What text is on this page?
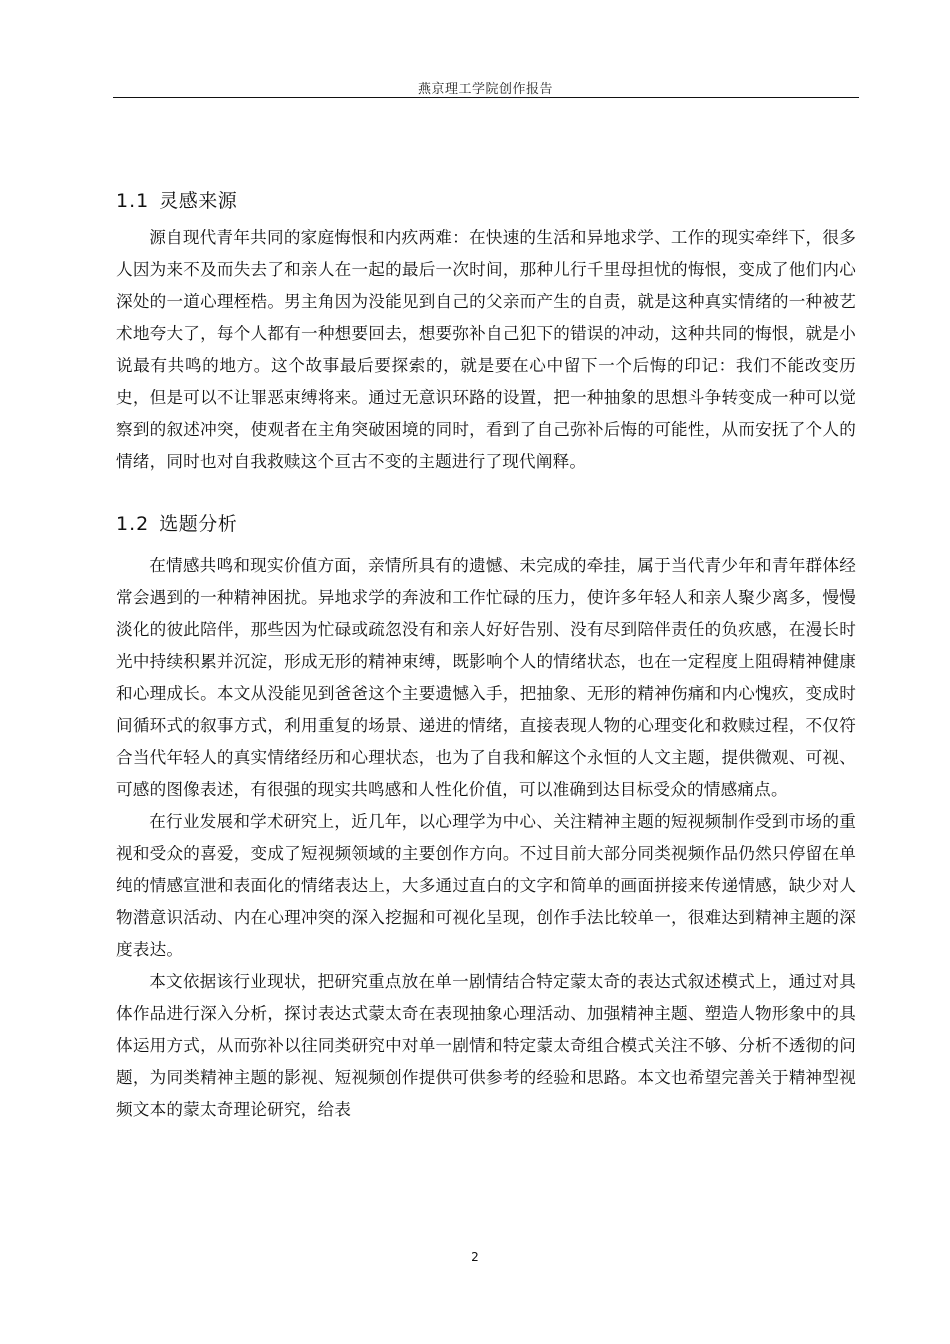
燕京理工学院创作报告
1.1 灵感来源

源自现代青年共同的家庭悔恨和内疚两难：在快速的生活和异地求学、工作的现实牵绊下，很多人因为来不及而失去了和亲人在一起的最后一次时间，那种儿行千里母担忧的悔恨，变成了他们内心深处的一道心理桎梏。男主角因为没能见到自己的父亲而产生的自责，就是这种真实情绪的一种被艺术地夸大了，每个人都有一种想要回去，想要弥补自己犯下的错误的冲动，这种共同的悔恨，就是小说最有共鸣的地方。这个故事最后要探索的，就是要在心中留下一个后悔的印记：我们不能改变历史，但是可以不让罪恶束缚将来。通过无意识环路的设置，把一种抽象的思想斗争转变成一种可以觉察到的叙述冲突，使观者在主角突破困境的同时，看到了自己弥补后悔的可能性，从而安抚了个人的情绪，同时也对自我救赎这个亘古不变的主题进行了现代阐释。

1.2 选题分析

在情感共鸣和现实价值方面，亲情所具有的遗憾、未完成的牵挂，属于当代青少年和青年群体经常会遇到的一种精神困扰。异地求学的奔波和工作忙碌的压力，使许多年轻人和亲人聚少离多，慢慢淡化的彼此陪伴，那些因为忙碌或疏忽没有和亲人好好告别、没有尽到陪伴责任的负疚感，在漫长时光中持续积累并沉淀，形成无形的精神束缚，既影响个人的情绪状态，也在一定程度上阻碍精神健康和心理成长。本文从没能见到爸爸这个主要遗憾入手，把抽象、无形的精神伤痛和内心愧疚，变成时间循环式的叙事方式，利用重复的场景、递进的情绪，直接表现人物的心理变化和救赎过程，不仅符合当代年轻人的真实情绪经历和心理状态，也为了自我和解这个永恒的人文主题，提供微观、可视、可感的图像表述，有很强的现实共鸣感和人性化价值，可以准确到达目标受众的情感痛点。

在行业发展和学术研究上，近几年，以心理学为中心、关注精神主题的短视频制作受到市场的重视和受众的喜爱，变成了短视频领域的主要创作方向。不过目前大部分同类视频作品仍然只停留在单纯的情感宣泄和表面化的情绪表达上，大多通过直白的文字和简单的画面拼接来传递情感，缺少对人物潜意识活动、内在心理冲突的深入挖掘和可视化呈现，创作手法比较单一，很难达到精神主题的深度表达。

本文依据该行业现状，把研究重点放在单一剧情结合特定蒙太奇的表达式叙述模式上，通过对具体作品进行深入分析，探讨表达式蒙太奇在表现抽象心理活动、加强精神主题、塑造人物形象中的具体运用方式，从而弥补以往同类研究中对单一剧情和特定蒙太奇组合模式关注不够、分析不透彻的问题，为同类精神主题的影视、短视频创作提供可供参考的经验和思路。本文也希望完善关于精神型视频文本的蒙太奇理论研究，给表

2
